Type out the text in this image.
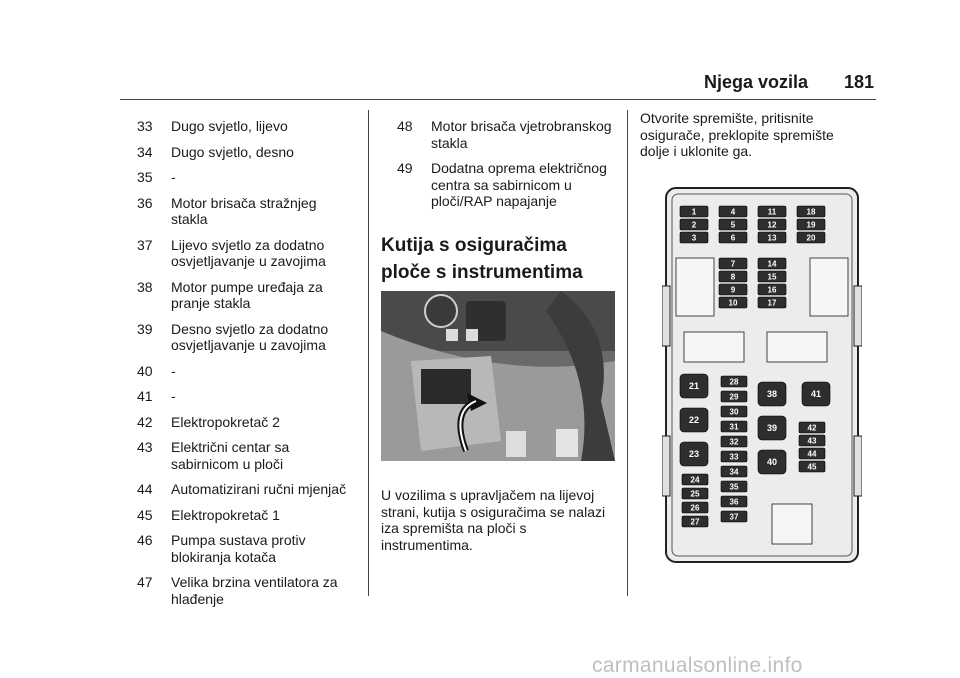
Njega vozila 181
33	Dugo svjetlo, lijevo
34	Dugo svjetlo, desno
35	-
36	Motor brisača stražnjeg stakla
37	Lijevo svjetlo za dodatno osvjetljavanje u zavojima
38	Motor pumpe uređaja za pranje stakla
39	Desno svjetlo za dodatno osvjetljavanje u zavojima
40	-
41	-
42	Elektropokretač 2
43	Električni centar sa sabirnicom u ploči
44	Automatizirani ručni mjenjač
45	Elektropokretač 1
46	Pumpa sustava protiv blokiranja kotača
47	Velika brzina ventilatora za hlađenje
48	Motor brisača vjetrobranskog stakla
49	Dodatna oprema električnog centra sa sabirnicom u ploči/RAP napajanje
Kutija s osiguračima ploče s instrumentima
U vozilima s upravljačem na lijevoj strani, kutija s osiguračima se nalazi iza spremišta na ploči s instrumentima.
Otvorite spremište, pritisnite osigurače, preklopite spremište dolje i uklonite ga.
1
2
3
4
5
6
7
8
9
10
11
12
13
14
15
16
17
18
19
20
21
22
23
38
39
40
41
24
25
26
27
28
29
30
31
32
33
34
35
36
37
42
43
44
45
carmanualsonline.info
